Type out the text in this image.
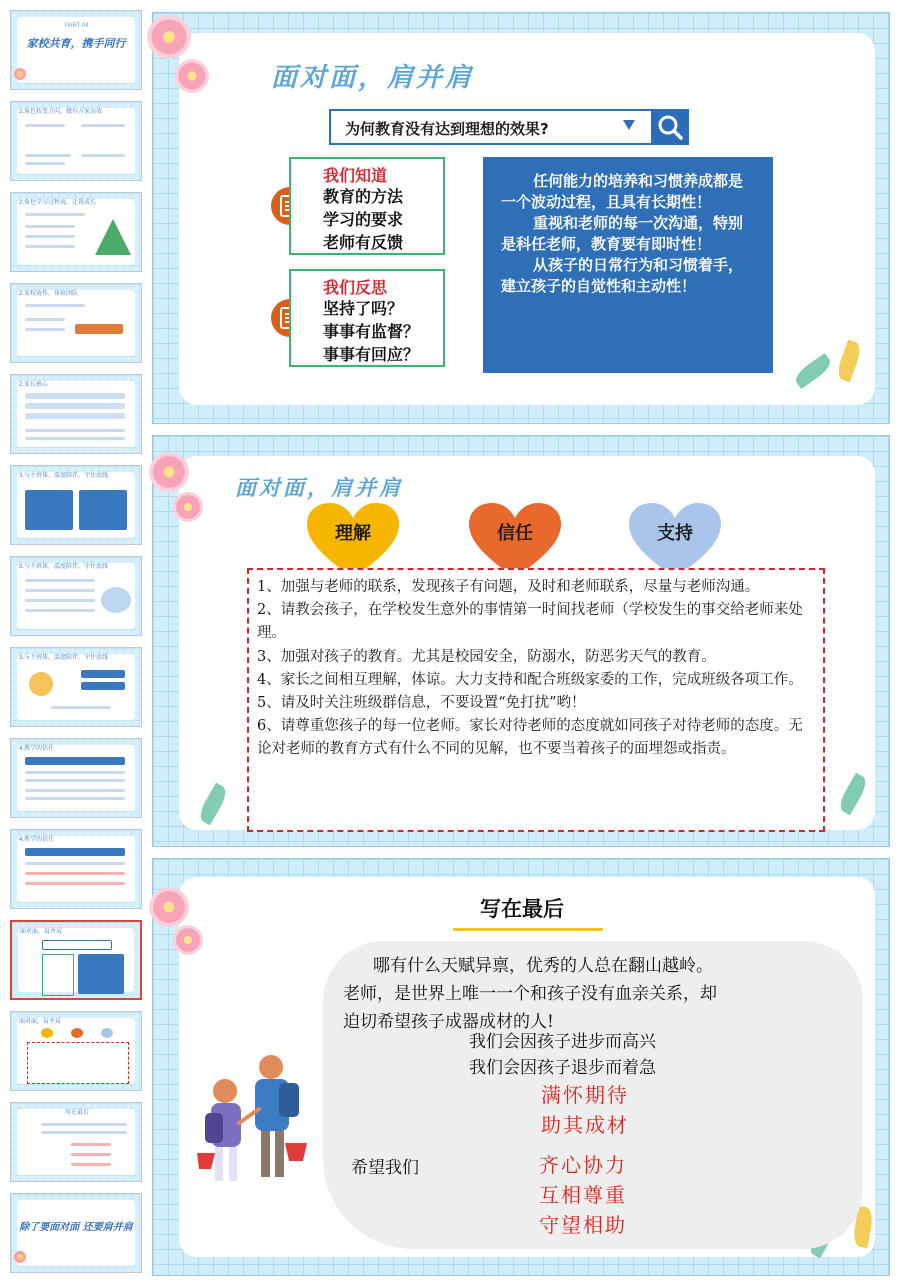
PART 04
家校共育，携手同行
2.角色转变方向，做有方案高效
2.角色学习过程表，让我成长
2.家校协作，体验团队
2.家长核心
3.与主班体，温度陪伴，守住底线
3.与主班体，温度陪伴，守住底线
3.与主班体，温度陪伴，守住底线
4.教学的信任
4.教学的信任
面对面，肩并肩
面对面，肩并肩
写在最后
除了要面对面 还要肩并肩
面对面，肩并肩
为何教育没有达到理想的效果?
我们知道
教育的方法
学习的要求
老师有反馈
我们反思
坚持了吗？
事事有监督？
事事有回应？

任何能力的培养和习惯养成都是一个波动过程，且具有长期性！

重视和老师的每一次沟通，特别是科任老师，教育要有即时性！

从孩子的日常行为和习惯着手，建立孩子的自觉性和主动性！

面对面，肩并肩
理解	信任	支持

1、加强与老师的联系，发现孩子有问题，及时和老师联系，尽量与老师沟通。

2、请教会孩子，在学校发生意外的事情第一时间找老师（学校发生的事交给老师来处理。

3、加强对孩子的教育。尤其是校园安全，防溺水，防恶劣天气的教育。

4、家长之间相互理解，体谅。大力支持和配合班级家委的工作，完成班级各项工作。

5、请及时关注班级群信息，不要设置“免打扰”哟！

6、请尊重您孩子的每一位老师。家长对待老师的态度就如同孩子对待老师的态度。无论对老师的教育方式有什么不同的见解，也不要当着孩子的面埋怨或指责。

写在最后
哪有什么天赋异禀，优秀的人总在翻山越岭。
老师，是世界上唯一一个和孩子没有血亲关系，却
迫切希望孩子成器成材的人!
我们会因孩子进步而高兴
我们会因孩子退步而着急
满怀期待
助其成材
希望我们	齐心协力
互相尊重
守望相助
